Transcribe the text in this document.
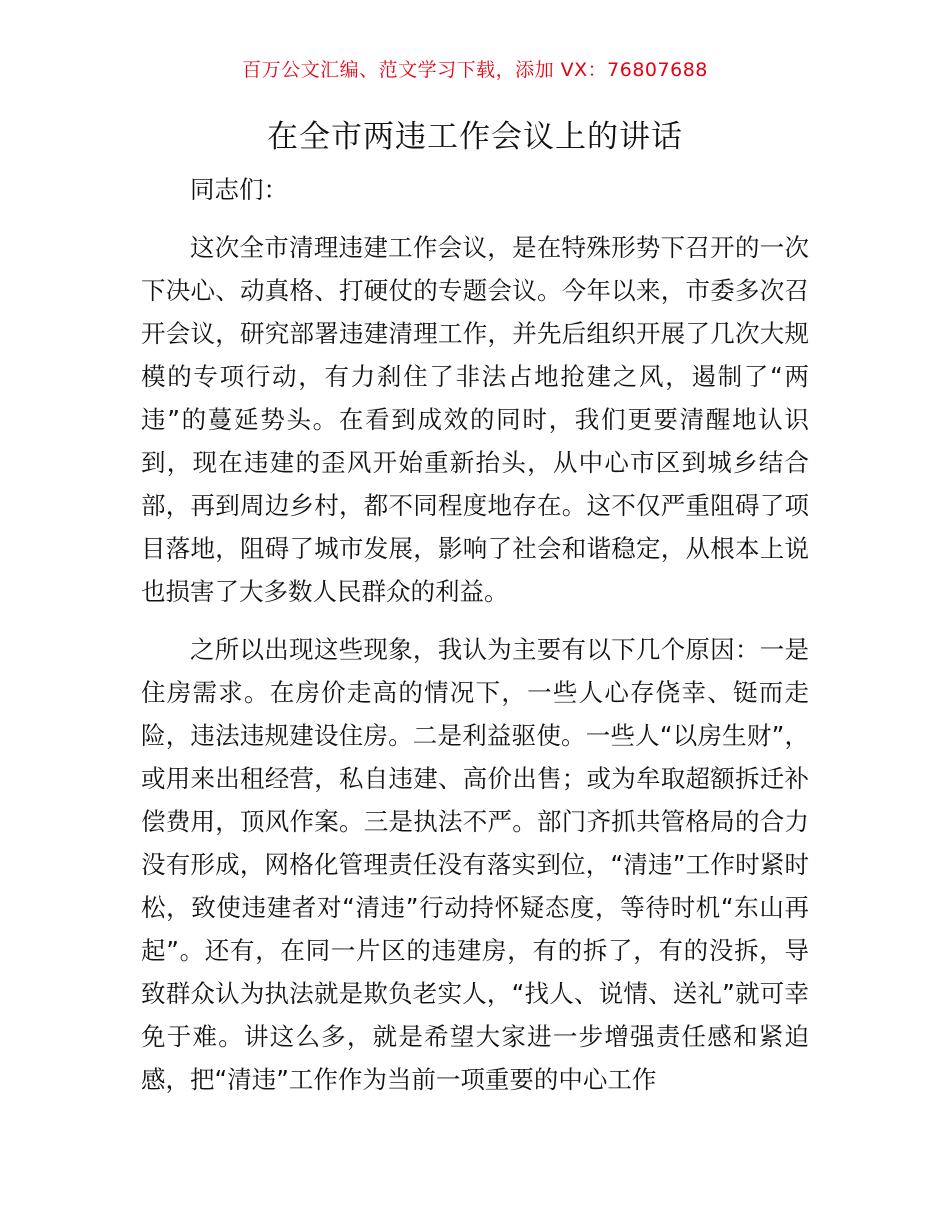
百万公文汇编、范文学习下载，添加 VX：76807688
在全市两违工作会议上的讲话

同志们：

这次全市清理违建工作会议，是在特殊形势下召开的一次下决心、动真格、打硬仗的专题会议。今年以来，市委多次召开会议，研究部署违建清理工作，并先后组织开展了几次大规模的专项行动，有力刹住了非法占地抢建之风，遏制了“两违”的蔓延势头。在看到成效的同时，我们更要清醒地认识到，现在违建的歪风开始重新抬头，从中心市区到城乡结合部，再到周边乡村，都不同程度地存在。这不仅严重阻碍了项目落地，阻碍了城市发展，影响了社会和谐稳定，从根本上说也损害了大多数人民群众的利益。

之所以出现这些现象，我认为主要有以下几个原因：一是住房需求。在房价走高的情况下，一些人心存侥幸、铤而走险，违法违规建设住房。二是利益驱使。一些人“以房生财”，或用来出租经营，私自违建、高价出售；或为牟取超额拆迁补偿费用，顶风作案。三是执法不严。部门齐抓共管格局的合力没有形成，网格化管理责任没有落实到位，“清违”工作时紧时松，致使违建者对“清违”行动持怀疑态度，等待时机“东山再起”。还有，在同一片区的违建房，有的拆了，有的没拆，导致群众认为执法就是欺负老实人，“找人、说情、送礼”就可幸免于难。讲这么多，就是希望大家进一步增强责任感和紧迫感，把“清违”工作作为当前一项重要的中心工作
